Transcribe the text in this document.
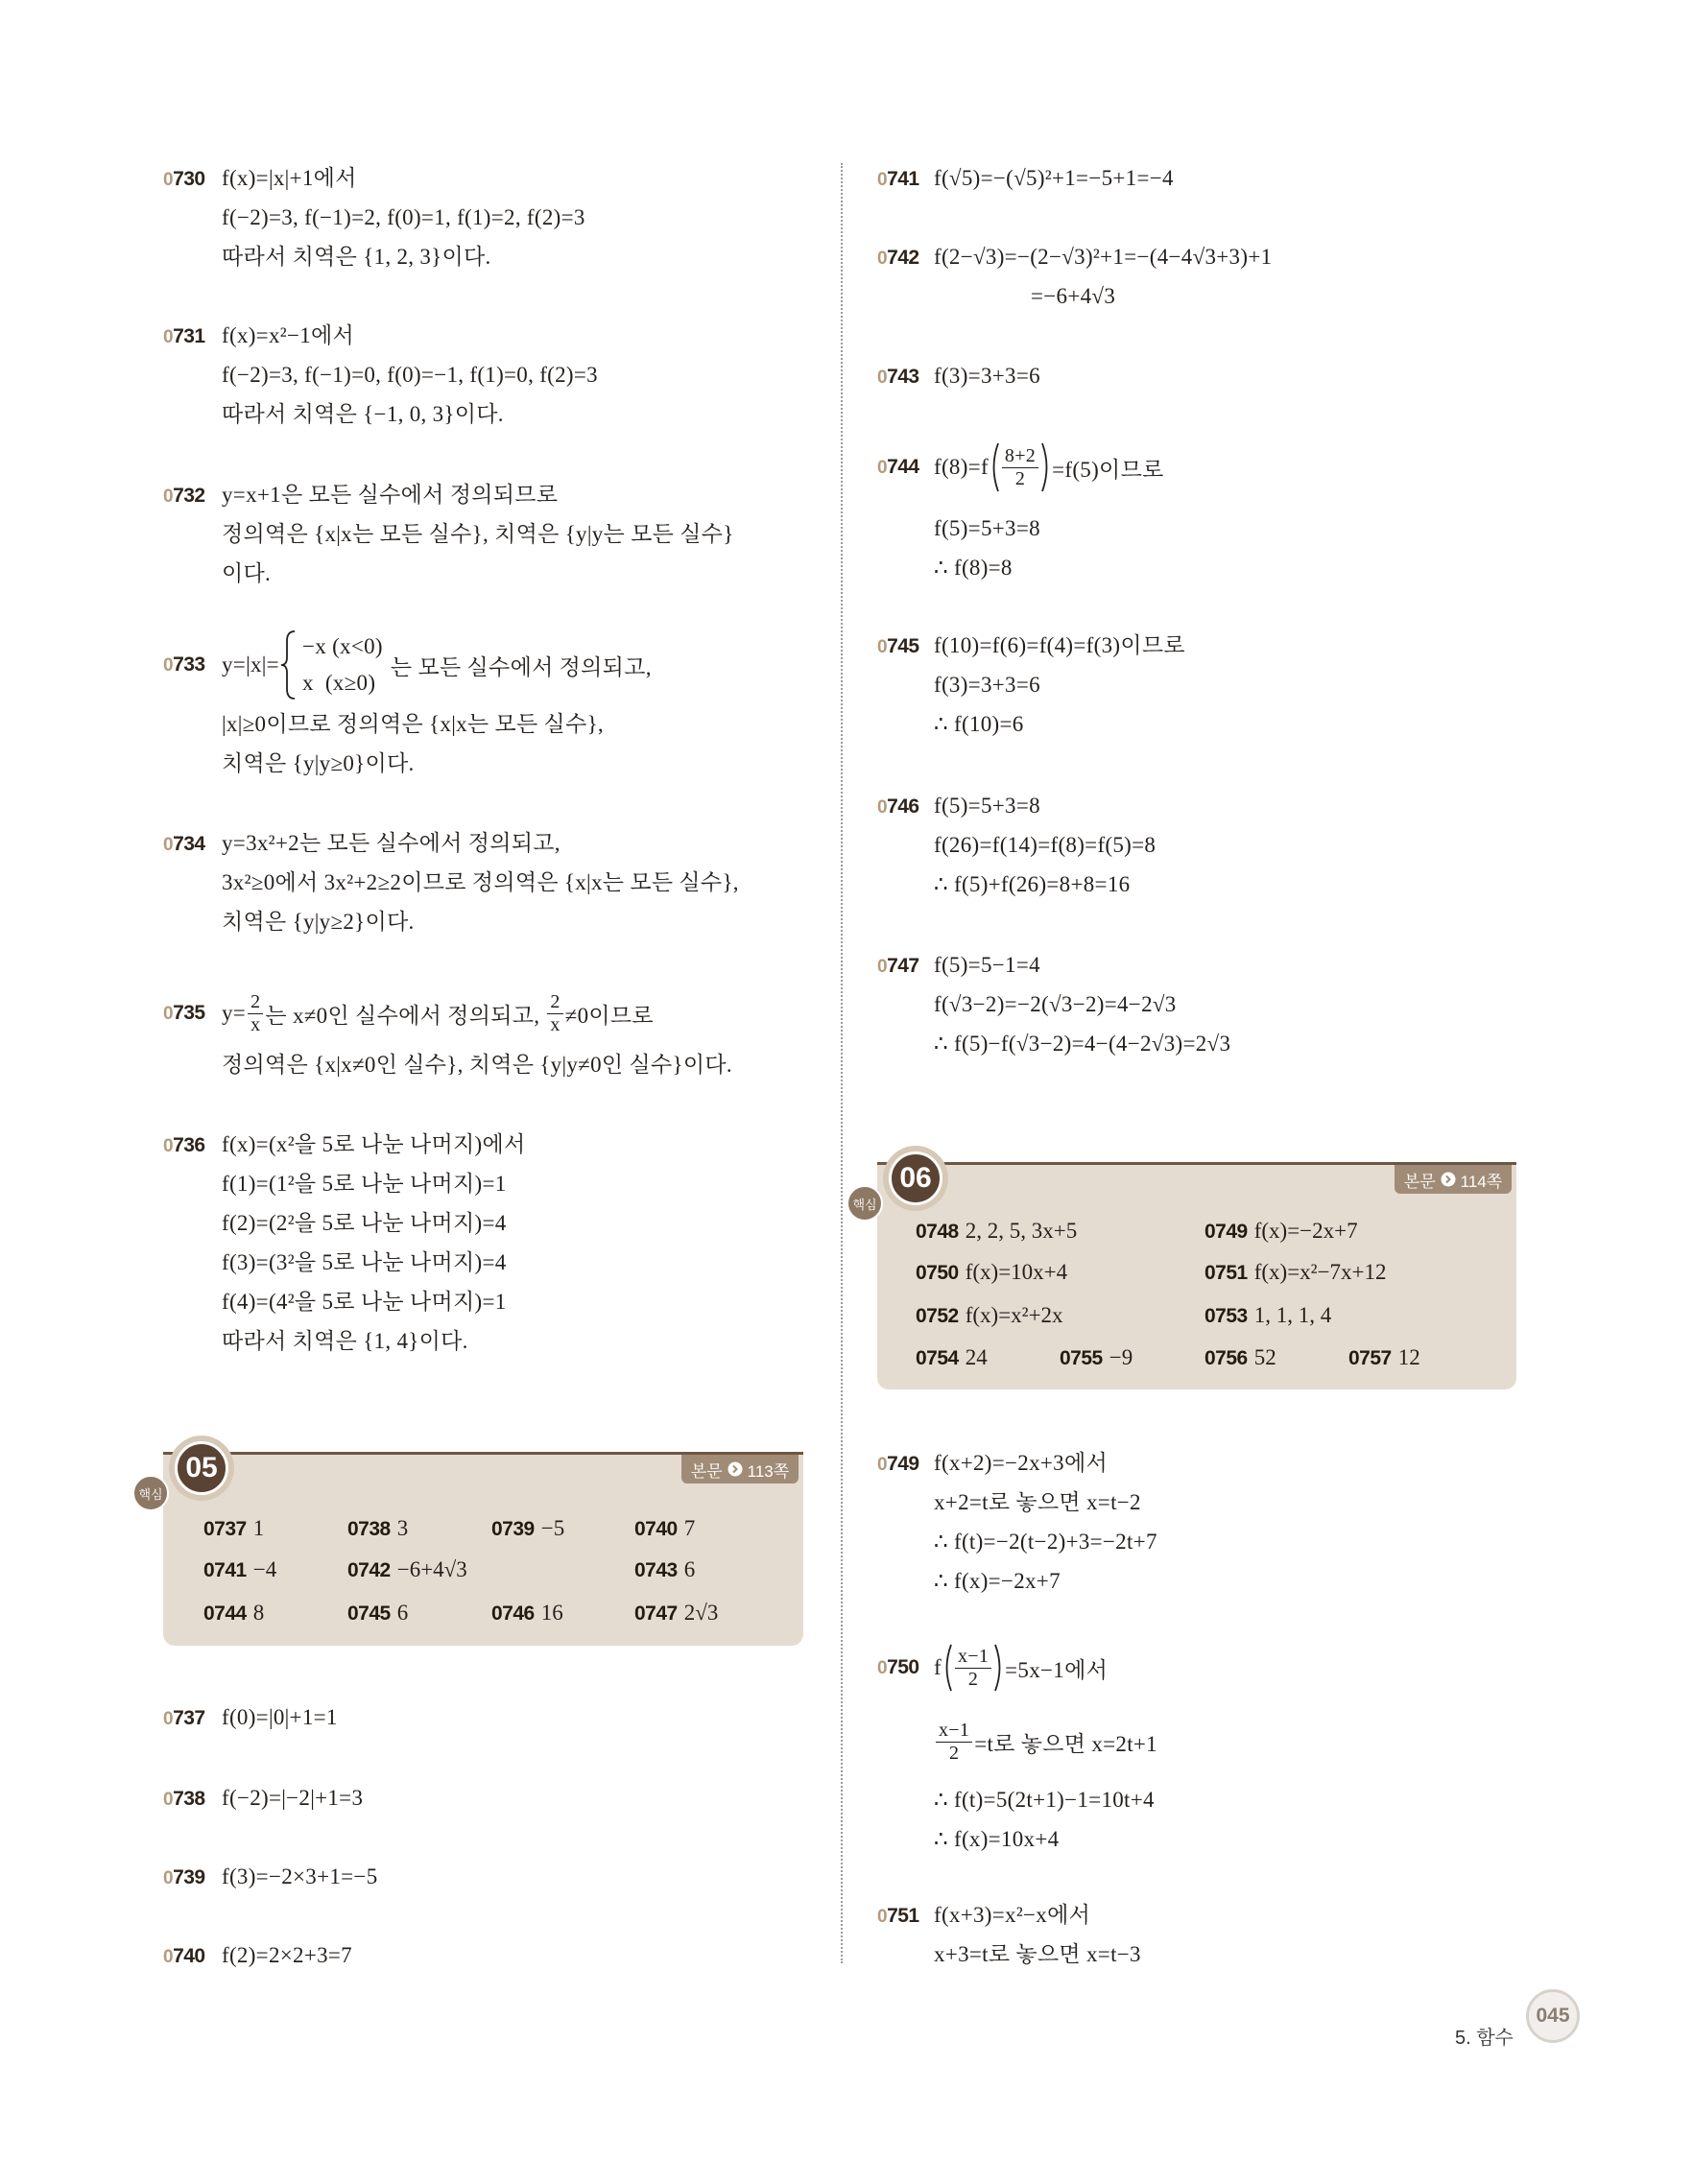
0730 f(x)=|x|+1에서
f(−2)=3, f(−1)=2, f(0)=1, f(1)=2, f(2)=3
따라서 치역은 {1, 2, 3}이다.
0731 f(x)=x²−1에서
f(−2)=3, f(−1)=0, f(0)=−1, f(1)=0, f(2)=3
따라서 치역은 {−1, 0, 3}이다.
0732 y=x+1은 모든 실수에서 정의되므로
정의역은 {x|x는 모든 실수}, 치역은 {y|y는 모든 실수}
이다.
0733 y=|x|=
−x (x<0)
x  (x≥0)
는 모든 실수에서 정의되고,
|x|≥0이므로 정의역은 {x|x는 모든 실수},
치역은 {y|y≥0}이다.
0734 y=3x²+2는 모든 실수에서 정의되고,
3x²≥0에서 3x²+2≥2이므로 정의역은 {x|x는 모든 실수},
치역은 {y|y≥2}이다.
0735 $y= \frac{2}{x}$ 는 x≠0인 실수에서 정의되고, $\frac{2}{x} \ne 0$이므로
정의역은 {x|x≠0인 실수}, 치역은 {y|y≠0인 실수}이다.
0736 f(x)=(x²을 5로 나눈 나머지)에서
f(1)=(1²을 5로 나눈 나머지)=1
f(2)=(2²을 5로 나눈 나머지)=4
f(3)=(3²을 5로 나눈 나머지)=4
f(4)=(4²을 5로 나눈 나머지)=1
따라서 치역은 {1, 4}이다.
본문 113쪽
05
핵심
0737 1	0738 3	0739 −5	0740 7
0741 −4	0742 −6+4√3	0743 6
0744 8	0745 6	0746 16	0747 2√3
0737 f(0)=|0|+1=1
0738 f(−2)=|−2|+1=3
0739 f(3)=−2×3+1=−5
0740 f(2)=2×2+3=7
0741 f(√5)=−(√5)²+1=−5+1=−4
0742 f(2−√3)=−(2−√3)²+1=−(4−4√3+3)+1
=−6+4√3
0743 f(3)=3+3=6
0744 $f(8)=f \frac{8+2}{2} =f(5)$이므로
f(5)=5+3=8
∴ f(8)=8
0745 f(10)=f(6)=f(4)=f(3)이므로
f(3)=3+3=6
∴ f(10)=6
0746 f(5)=5+3=8
f(26)=f(14)=f(8)=f(5)=8
∴ f(5)+f(26)=8+8=16
0747 f(5)=5−1=4
f(√3−2)=−2(√3−2)=4−2√3
∴ f(5)−f(√3−2)=4−(4−2√3)=2√3
본문 114쪽
06
핵심
0748 2, 2, 5, 3x+5	0749 f(x)=−2x+7
0750 f(x)=10x+4	0751 f(x)=x²−7x+12
0752 f(x)=x²+2x	0753 1, 1, 1, 4
0754 24	0755 −9	0756 52	0757 12
0749 f(x+2)=−2x+3에서
x+2=t로 놓으면 x=t−2
∴ f(t)=−2(t−2)+3=−2t+7
∴ f(x)=−2x+7
0750 f $\frac{x-1}{2} =5x-1$에서
$\frac{x-1}{2} =t$로 놓으면 x=2t+1
∴ f(t)=5(2t+1)−1=10t+4
∴ f(x)=10x+4
0751 f(x+3)=x²−x에서
x+3=t로 놓으면 x=t−3
5. 함수
045
